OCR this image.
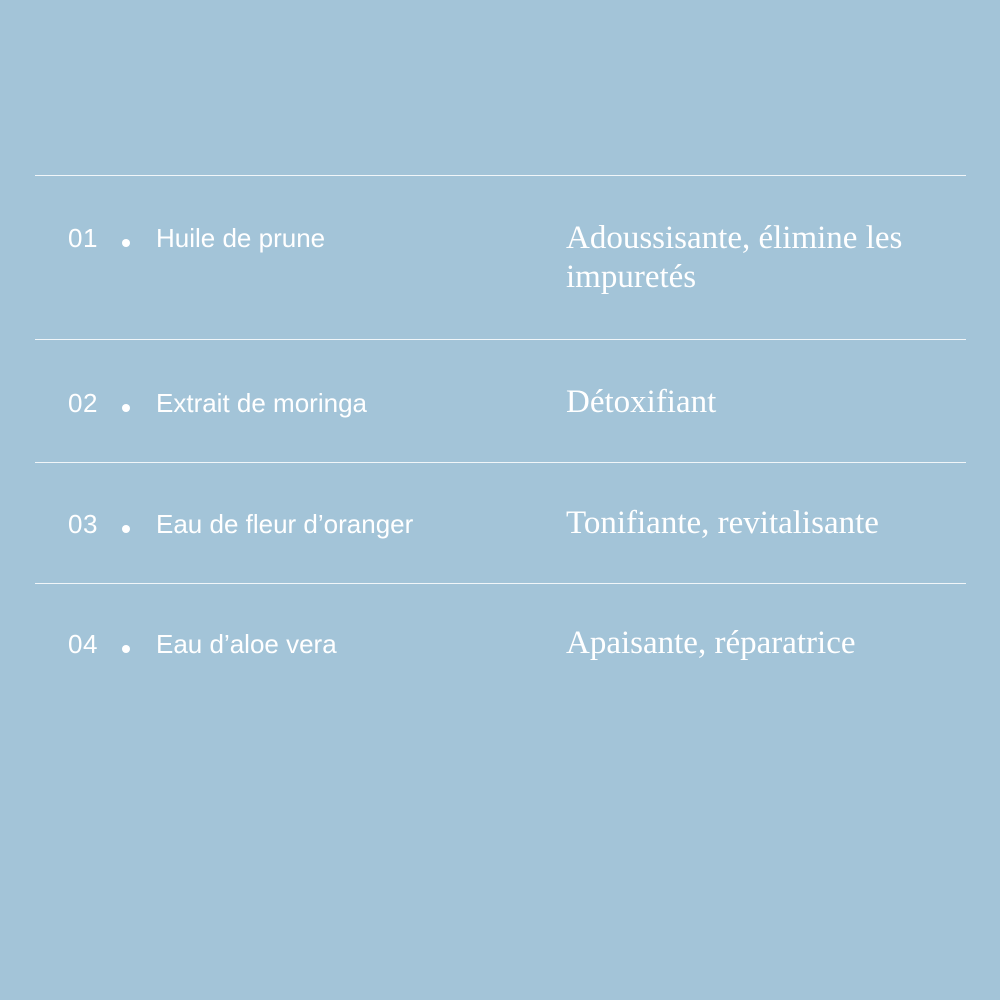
01 Huile de prune	Adoussisante, élimine les impuretés
02 Extrait de moringa	Détoxifiant
03 Eau de fleur d’oranger	Tonifiante, revitalisante
04 Eau d’aloe vera	Apaisante, réparatrice
